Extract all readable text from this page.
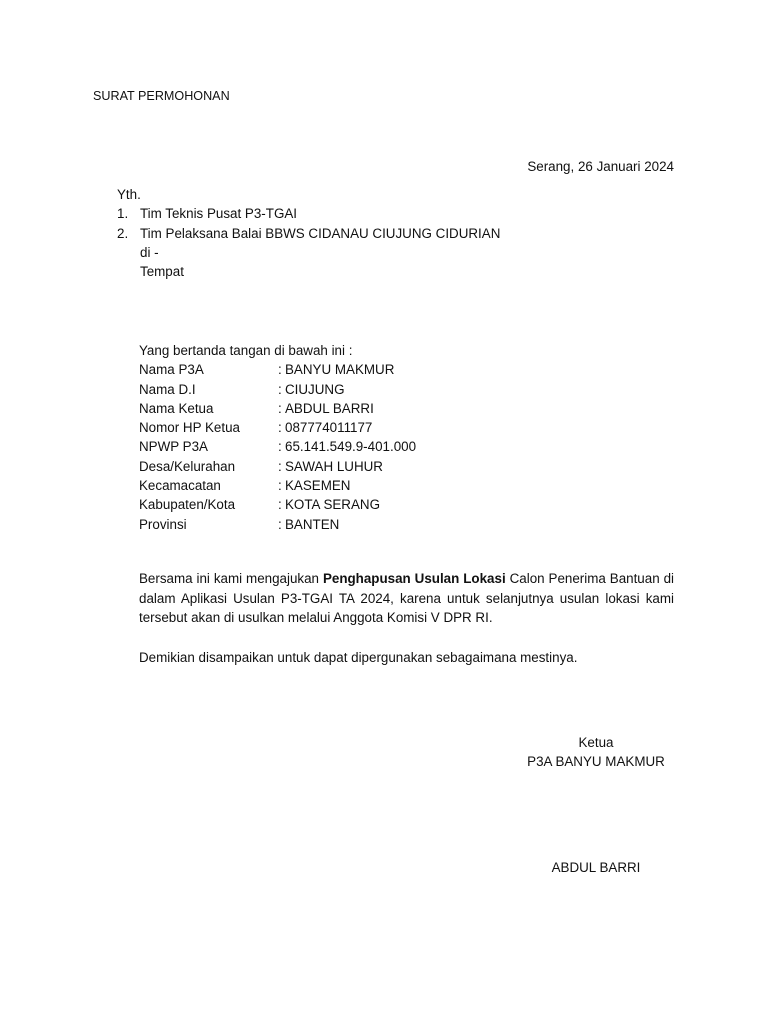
SURAT PERMOHONAN
Serang, 26 Januari 2024
Yth.
1. Tim Teknis Pusat P3-TGAI
2. Tim Pelaksana Balai BBWS CIDANAU CIUJUNG CIDURIAN
di -
Tempat
Yang bertanda tangan di bawah ini :
Nama P3A	: BANYU MAKMUR
Nama D.I	: CIUJUNG
Nama Ketua	: ABDUL BARRI
Nomor HP Ketua	: 087774011177
NPWP P3A	: 65.141.549.9-401.000
Desa/Kelurahan	: SAWAH LUHUR
Kecamacatan	: KASEMEN
Kabupaten/Kota	: KOTA SERANG
Provinsi	: BANTEN
Bersama ini kami mengajukan Penghapusan Usulan Lokasi Calon Penerima Bantuan di dalam Aplikasi Usulan P3-TGAI TA 2024, karena untuk selanjutnya usulan lokasi kami tersebut akan di usulkan melalui Anggota Komisi V DPR RI.
Demikian disampaikan untuk dapat dipergunakan sebagaimana mestinya.
Ketua
P3A BANYU MAKMUR
ABDUL BARRI
